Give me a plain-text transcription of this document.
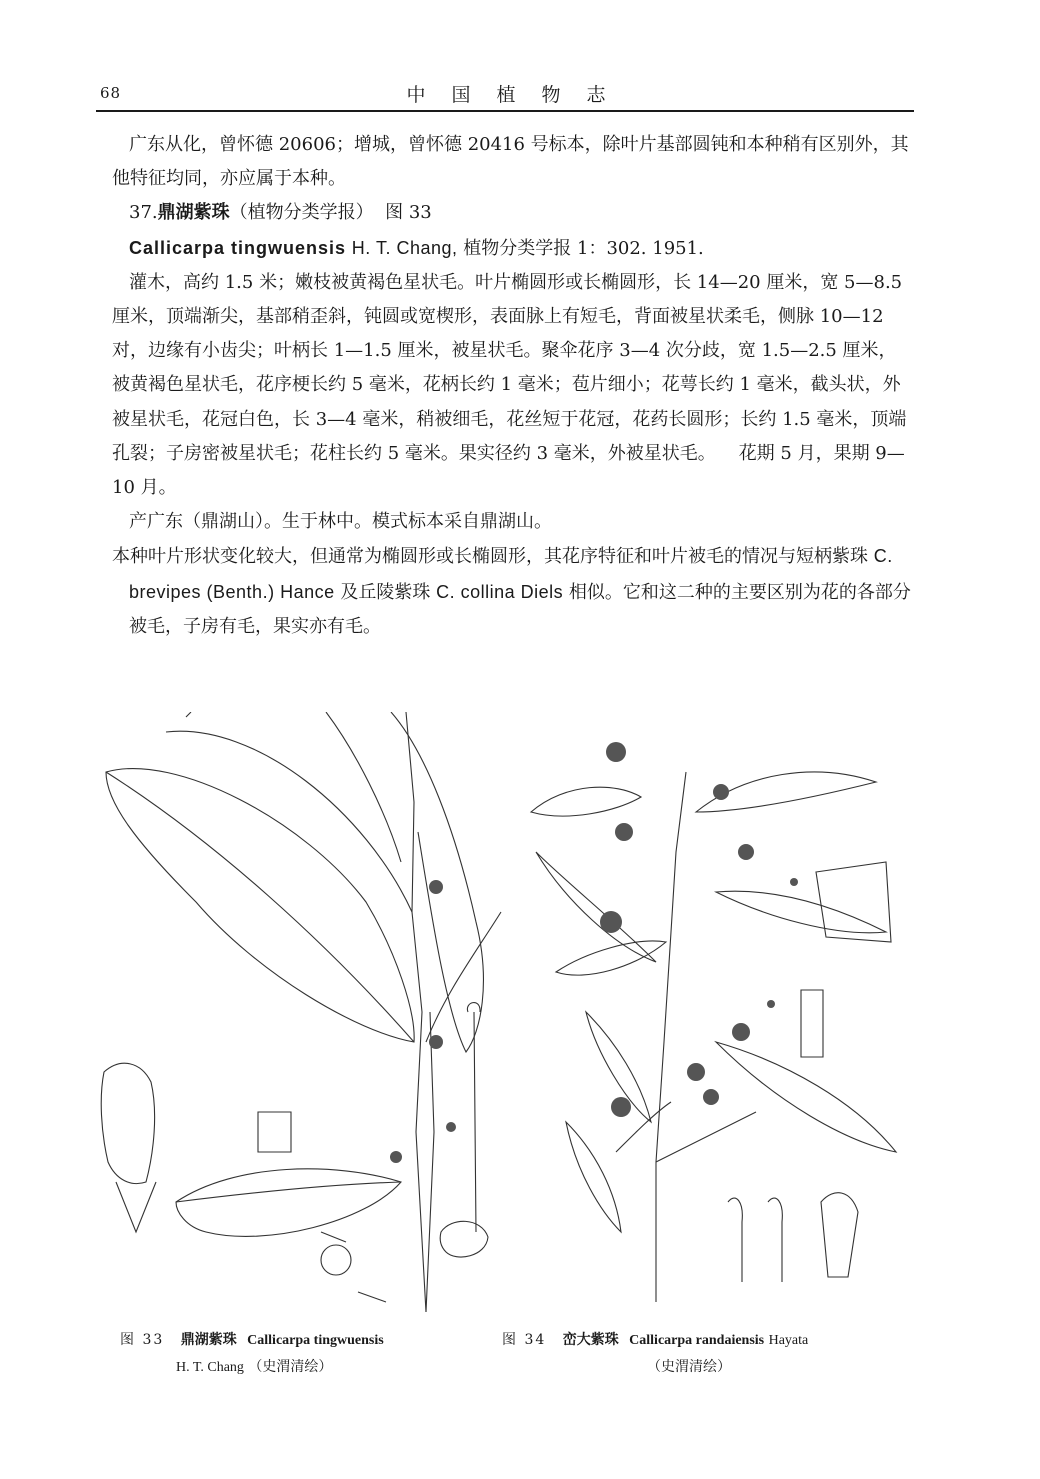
68	中国植物志

广东从化，曾怀德 20606；增城，曾怀德 20416 号标本，除叶片基部圆钝和本种稍有区别外，其他特征均同，亦应属于本种。

37.鼎湖紫珠（植物分类学报） 图 33

Callicarpa tingwuensis H. T. Chang, 植物分类学报 1：302. 1951.

灌木，高约 1.5 米；嫩枝被黄褐色星状毛。叶片椭圆形或长椭圆形，长 14—20 厘米，宽 5—8.5 厘米，顶端渐尖，基部稍歪斜，钝圆或宽楔形，表面脉上有短毛，背面被星状柔毛，侧脉 10—12 对，边缘有小齿尖；叶柄长 1—1.5 厘米，被星状毛。聚伞花序 3—4 次分歧，宽 1.5—2.5 厘米，被黄褐色星状毛，花序梗长约 5 毫米，花柄长约 1 毫米；苞片细小；花萼长约 1 毫米，截头状，外被星状毛，花冠白色，长 3—4 毫米，稍被细毛，花丝短于花冠，花药长圆形；长约 1.5 毫米，顶端孔裂；子房密被星状毛；花柱长约 5 毫米。果实径约 3 毫米，外被星状毛。 花期 5 月，果期 9—10 月。

产广东（鼎湖山）。生于林中。模式标本采自鼎湖山。

本种叶片形状变化较大，但通常为椭圆形或长椭圆形，其花序特征和叶片被毛的情况与短柄紫珠 C. brevipes (Benth.) Hance 及丘陵紫珠 C. collina Diels 相似。它和这二种的主要区别为花的各部分被毛，子房有毛，果实亦有毛。

图 33 鼎湖紫珠 Callicarpa tingwuensis
H. T. Chang （史渭清绘）
图 34 峦大紫珠 Callicarpa randaiensis Hayata
（史渭清绘）
